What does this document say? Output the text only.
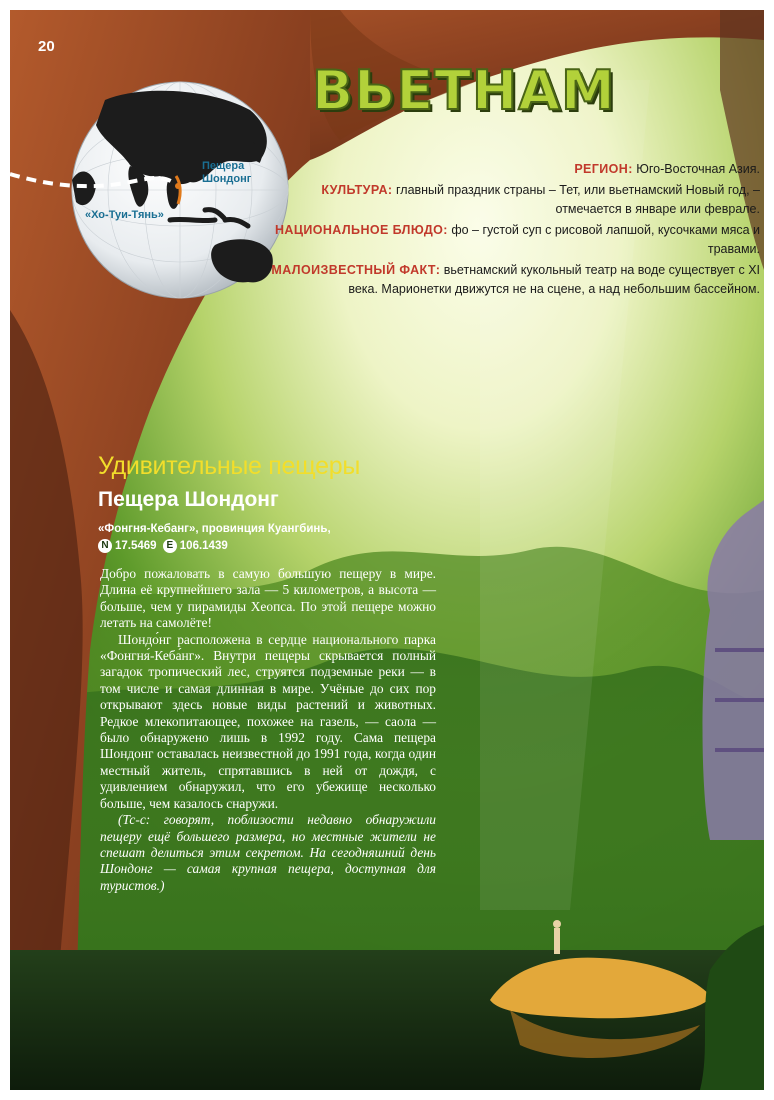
20
Пещера Шондонг
«Хо-Туи-Тянь»
ВЬЕТНАМ

РЕГИОН: Юго-Восточная Азия.

КУЛЬТУРА: главный праздник страны – Тет, или вьетнамский Новый год, – отмечается в январе или феврале.

НАЦИОНАЛЬНОЕ БЛЮДО: фо – густой суп с рисовой лапшой, кусочками мяса и травами.

МАЛОИЗВЕСТНЫЙ ФАКТ: вьетнамский кукольный театр на воде существует с XI века. Марионетки движутся не на сцене, а над небольшим бассейном.

Удивительные пещеры
Пещера Шондонг
«Фонгня-Кебанг», провинция Куангбинь,
N 17.5469 E 106.1439

Добро пожаловать в самую большую пещеру в мире. Длина её крупнейшего зала — 5 километров, а высота — больше, чем у пирамиды Хеопса. По этой пещере можно летать на самолёте!

Шондо́нг расположена в сердце национального парка «Фонгня́-Кеба́нг». Внутри пещеры скрывается полный загадок тропический лес, струятся подземные реки — в том числе и самая длинная в мире. Учёные до сих пор открывают здесь новые виды растений и животных. Редкое млекопитающее, похожее на газель, — саола — было обнаружено лишь в 1992 году. Сама пещера Шондонг оставалась неизвестной до 1991 года, когда один местный житель, спрятавшись в ней от дождя, с удивлением обнаружил, что его убежище несколько больше, чем казалось снаружи.

(Тс-с: говорят, поблизости недавно обнаружили пещеру ещё большего размера, но местные жители не спешат делиться этим секретом. На сегодняшний день Шондонг — самая крупная пещера, доступная для туристов.)
